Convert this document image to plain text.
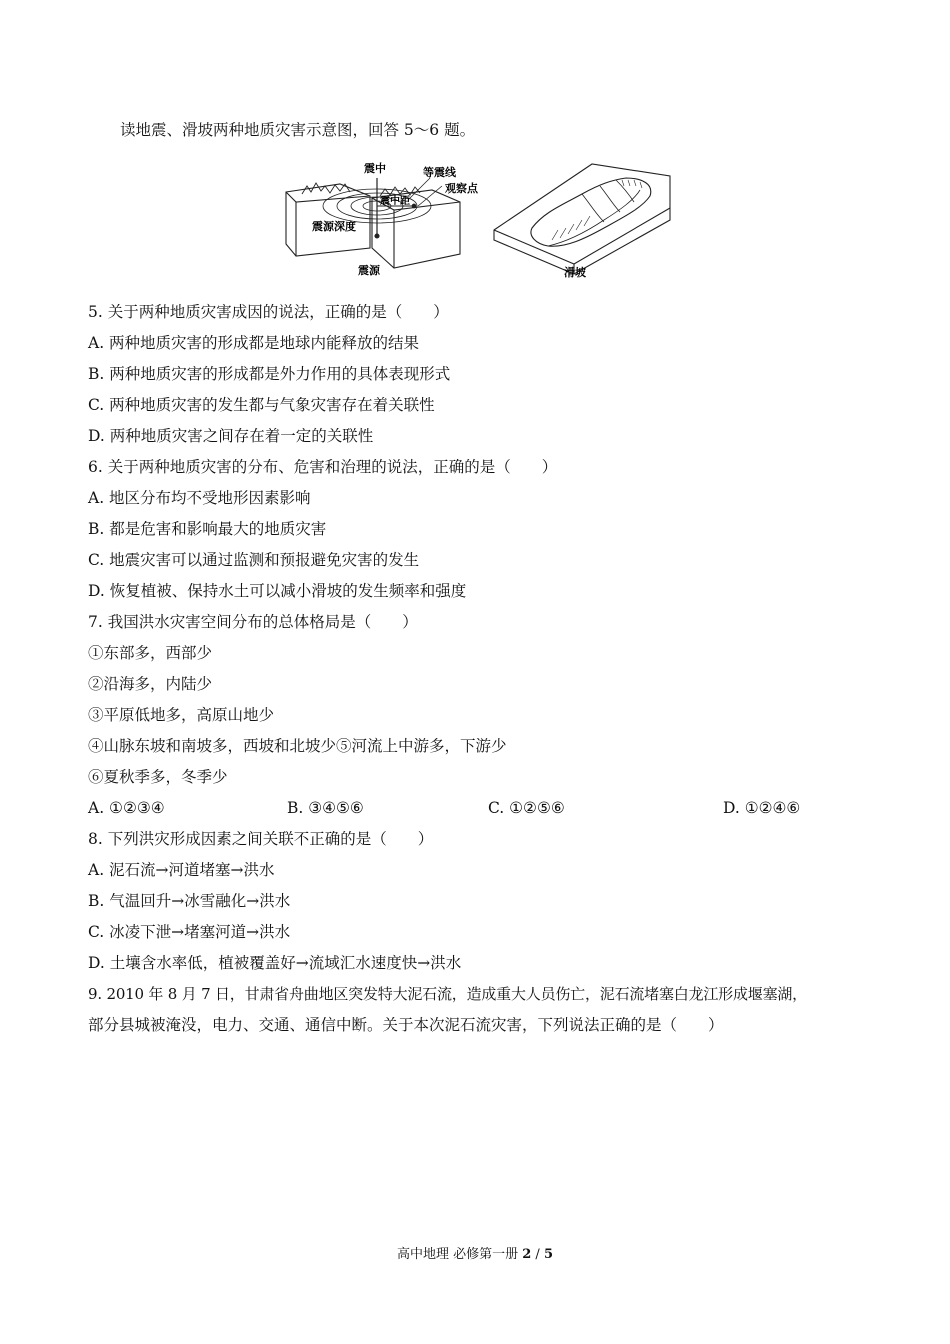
读地震、滑坡两种地质灾害示意图，回答 5～6 题。
震中	等震线
观察点
震中距
震源深度
震源	滑坡
5. 关于两种地质灾害成因的说法，正确的是（　　）
A. 两种地质灾害的形成都是地球内能释放的结果
B. 两种地质灾害的形成都是外力作用的具体表现形式
C. 两种地质灾害的发生都与气象灾害存在着关联性
D. 两种地质灾害之间存在着一定的关联性
6. 关于两种地质灾害的分布、危害和治理的说法，正确的是（　　）
A. 地区分布均不受地形因素影响
B. 都是危害和影响最大的地质灾害
C. 地震灾害可以通过监测和预报避免灾害的发生
D. 恢复植被、保持水土可以减小滑坡的发生频率和强度
7. 我国洪水灾害空间分布的总体格局是（　　）
①东部多，西部少
②沿海多，内陆少
③平原低地多，高原山地少
④山脉东坡和南坡多，西坡和北坡少⑤河流上中游多，下游少
⑥夏秋季多，冬季少
A. ①②③④	B. ③④⑤⑥	C. ①②⑤⑥	D. ①②④⑥
8. 下列洪灾形成因素之间关联不正确的是（　　）
A. 泥石流→河道堵塞→洪水
B. 气温回升→冰雪融化→洪水
C. 冰凌下泄→堵塞河道→洪水
D. 土壤含水率低，植被覆盖好→流域汇水速度快→洪水
9. 2010 年 8 月 7 日，甘肃省舟曲地区突发特大泥石流，造成重大人员伤亡，泥石流堵塞白龙江形成堰塞湖，
部分县城被淹没，电力、交通、通信中断。关于本次泥石流灾害，下列说法正确的是（　　）
高中地理 必修第一册 2 / 5
